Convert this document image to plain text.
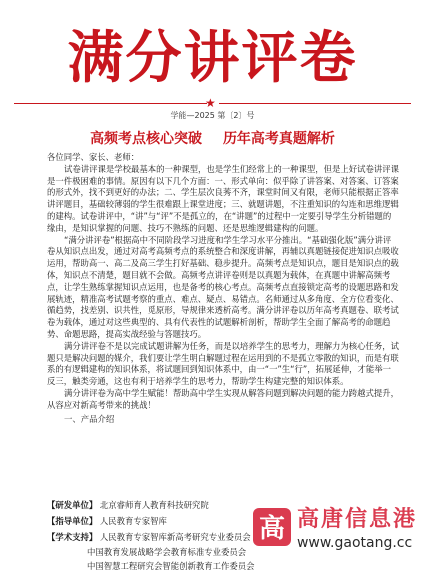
满分讲评卷
★
学能—2025 第〔2〕号
高频考点核心突破 历年高考真题解析

各位同学、家长、老师：

试卷讲评课是学校最基本的一种课型，也是学生们经常上的一种课型，但是上好试卷讲评课是一件极困难的事情。原因有以下几个方面：一、形式单向：似乎除了讲答案、对答案、订答案的形式外，找不到更好的办法；二、学生层次良莠不齐，课堂时间又有限，老师只能根据正答率讲评题目，基础较薄弱的学生很难跟上课堂进度；三、就题讲题，不注重知识的勾连和思维逻辑的建构。试卷讲评中，“讲”与“评”不是孤立的，在“讲题”的过程中一定要引导学生分析错题的缘由，是知识掌握的问题、技巧不熟练的问题、还是思维逻辑建构的问题。

“满分讲评卷”根据高中不同阶段学习进度和学生学习水平分推出。“基础强化版”满分讲评卷从知识点出发，通过对高考高频考点的系统整合和深度讲解，再辅以真题链接促进知识点吸收运用，帮助高一、高二及高三学生打好基础、稳步提升。高频考点是知识点，题目是知识点的载体，知识点不清楚，题目就不会做。高频考点讲评卷则是以真题为载体，在真题中讲解高频考点，让学生熟练掌握知识点运用，也是备考的核心考点。高频考点直接锁定高考的设题思路和发展轨迹，精准高考试题考察的重点、难点、疑点、易错点。名师通过从多角度、全方位看变化、循趋势，找差别、识共性，觅原形，导规律来透析高考。满分讲评卷以历年高考真题卷、联考试卷为载体，通过对这些典型的、具有代表性的试题解析剖析，帮助学生全面了解高考的命题趋势、命题思路，提高实战经验与答题技巧。

满分讲评卷不是以完成试题讲解为任务，而是以培养学生的思考力，理解力为核心任务，试题只是解决问题的媒介，我们要让学生明白解题过程在运用到的不是孤立零散的知识，而是有联系的有逻辑建构的知识体系，将试题回到知识体系中，由一“一”生“行”，拓展延伸，才能举一反三，触类旁通，这也有利于培养学生的思考力，帮助学生构建完整的知识体系。

满分讲评卷为高中学生赋能！帮助高中学生实现从解答问题到解决问题的能力跨越式提升，从容应对新高考带来的挑战！

一、产品介绍

【研发单位】 北京睿师育人教育科技研究院
【指导单位】 人民教育专家智库
【学术支持】 人民教育专家智库新高考研究专业委员会
中国教育发展战略学会教育标准专业委员会
中国智慧工程研究会智能创新教育工作委员会
高 高唐信息港
www.gaotang.cc
